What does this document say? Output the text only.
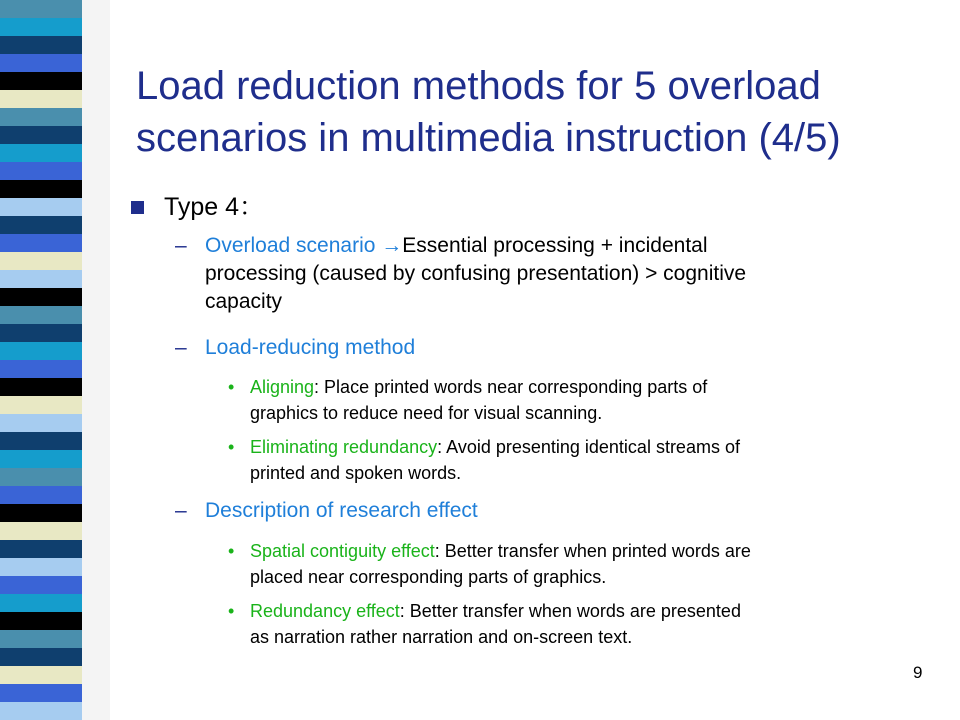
Load reduction methods for 5 overload
scenarios in multimedia instruction (4/5)
Type 4：
– Overload scenario →Essential processing + incidental
processing (caused by confusing presentation) > cognitive
capacity
– Load-reducing method
• Aligning: Place printed words near corresponding parts of
graphics to reduce need for visual scanning.
• Eliminating redundancy: Avoid presenting identical streams of
printed and spoken words.
– Description of research effect
• Spatial contiguity effect: Better transfer when printed words are
placed near corresponding parts of graphics.
• Redundancy effect: Better transfer when words are presented
as narration rather narration and on-screen text.
9
